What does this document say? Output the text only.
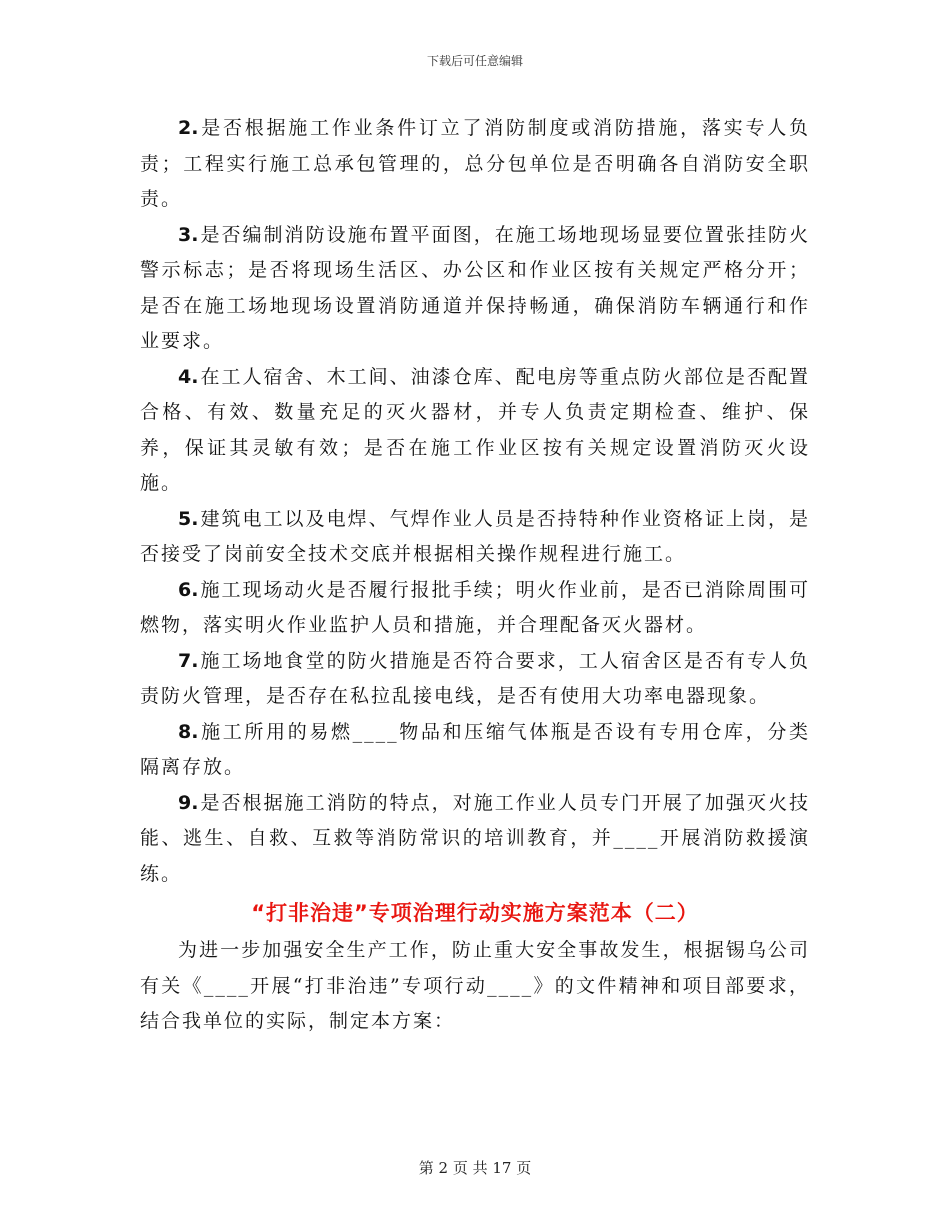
下载后可任意编辑

2. 是否根据施工作业条件订立了消防制度或消防措施，落实专人负责；工程实行施工总承包管理的，总分包单位是否明确各自消防安全职责。

3. 是否编制消防设施布置平面图，在施工场地现场显要位置张挂防火警示标志；是否将现场生活区、办公区和作业区按有关规定严格分开；是否在施工场地现场设置消防通道并保持畅通，确保消防车辆通行和作业要求。

4. 在工人宿舍、木工间、油漆仓库、配电房等重点防火部位是否配置合格、有效、数量充足的灭火器材，并专人负责定期检查、维护、保养，保证其灵敏有效；是否在施工作业区按有关规定设置消防灭火设施。

5. 建筑电工以及电焊、气焊作业人员是否持特种作业资格证上岗，是否接受了岗前安全技术交底并根据相关操作规程进行施工。

6. 施工现场动火是否履行报批手续；明火作业前，是否已消除周围可燃物，落实明火作业监护人员和措施，并合理配备灭火器材。

7. 施工场地食堂的防火措施是否符合要求，工人宿舍区是否有专人负责防火管理，是否存在私拉乱接电线，是否有使用大功率电器现象。

8. 施工所用的易燃____物品和压缩气体瓶是否设有专用仓库，分类隔离存放。

9. 是否根据施工消防的特点，对施工作业人员专门开展了加强灭火技能、逃生、自救、互救等消防常识的培训教育，并____开展消防救援演练。

“打非治违”专项治理行动实施方案范本（二）

为进一步加强安全生产工作，防止重大安全事故发生，根据锡乌公司有关《____开展“打非治违”专项行动____》的文件精神和项目部要求，结合我单位的实际，制定本方案：

第 2 页 共 17 页
